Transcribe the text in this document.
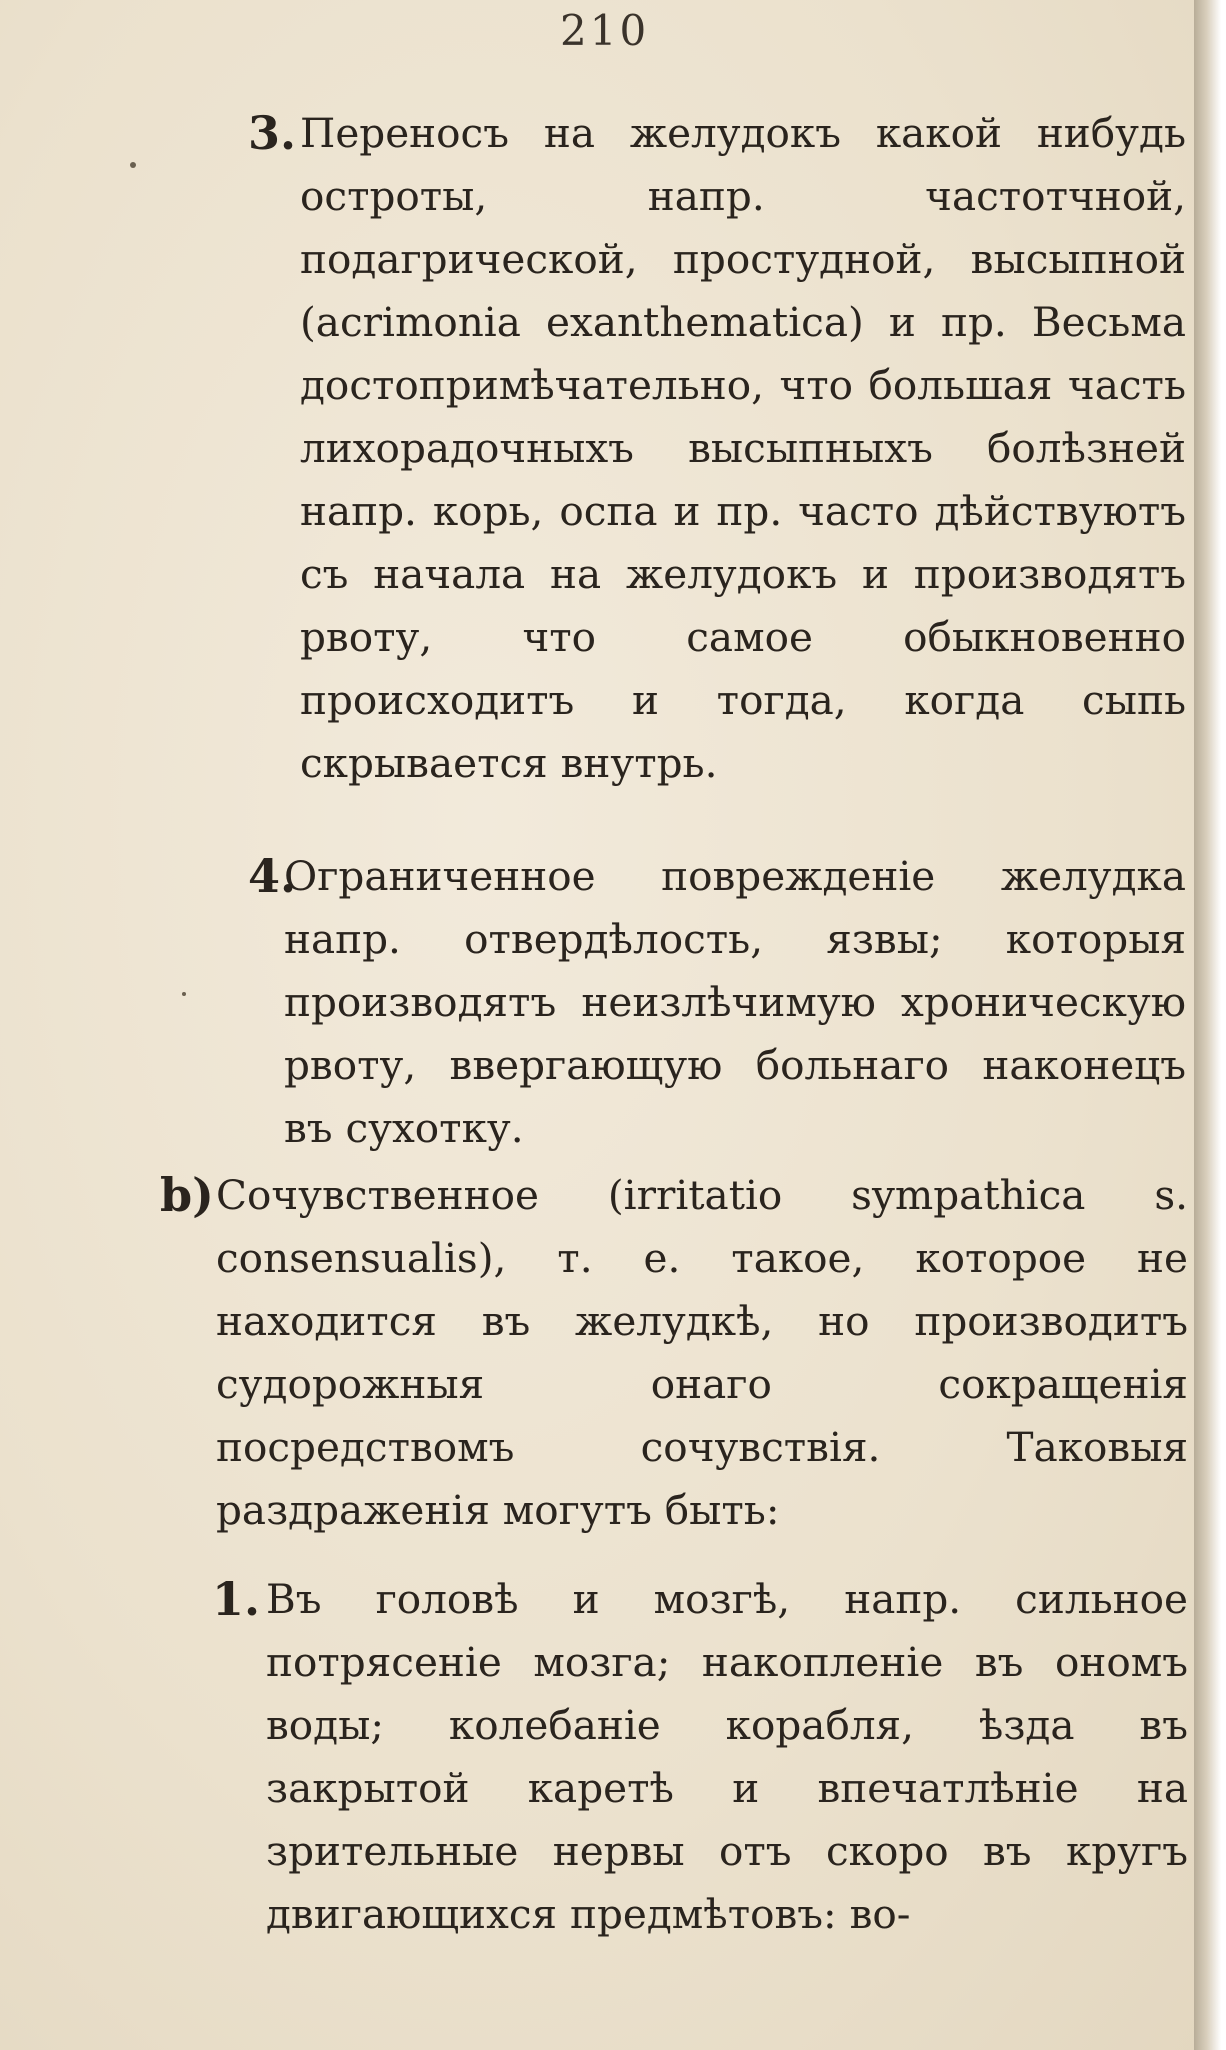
210
3. Переносъ на желудокъ какой нибудь остроты, напр. частотчной, подагрической, простудной, высыпной (acrimonia exanthematica) и пр. Весьма достопримѣчательно, что большая часть лихорадочныхъ высыпныхъ болѣзней напр. корь, оспа и пр. часто дѣйствуютъ съ начала на желудокъ и производятъ рвоту, что самое обыкновенно происходитъ и тогда, когда сыпь скрывается внутрь.

4.

Ограниченное поврежденіе желудка напр. отвердѣлость, язвы; которыя производятъ неизлѣчимую хроническую рвоту, ввергающую больнаго наконецъ въ сухотку.

b) Сочувственное (irritatio sympathica s. consensualis), т. е. такое, которое не находится въ желудкѣ, но производитъ судорожныя онаго сокращенія посредствомъ сочувствія. Таковыя раздраженія могутъ быть:

1. Въ головѣ и мозгѣ, напр. сильное потрясеніе мозга; накопленіе въ ономъ воды; колебаніе корабля, ѣзда въ закрытой каретѣ и впечатлѣніе на зрительные нервы отъ скоро въ кругъ двигающихся предмѣтовъ: во-
